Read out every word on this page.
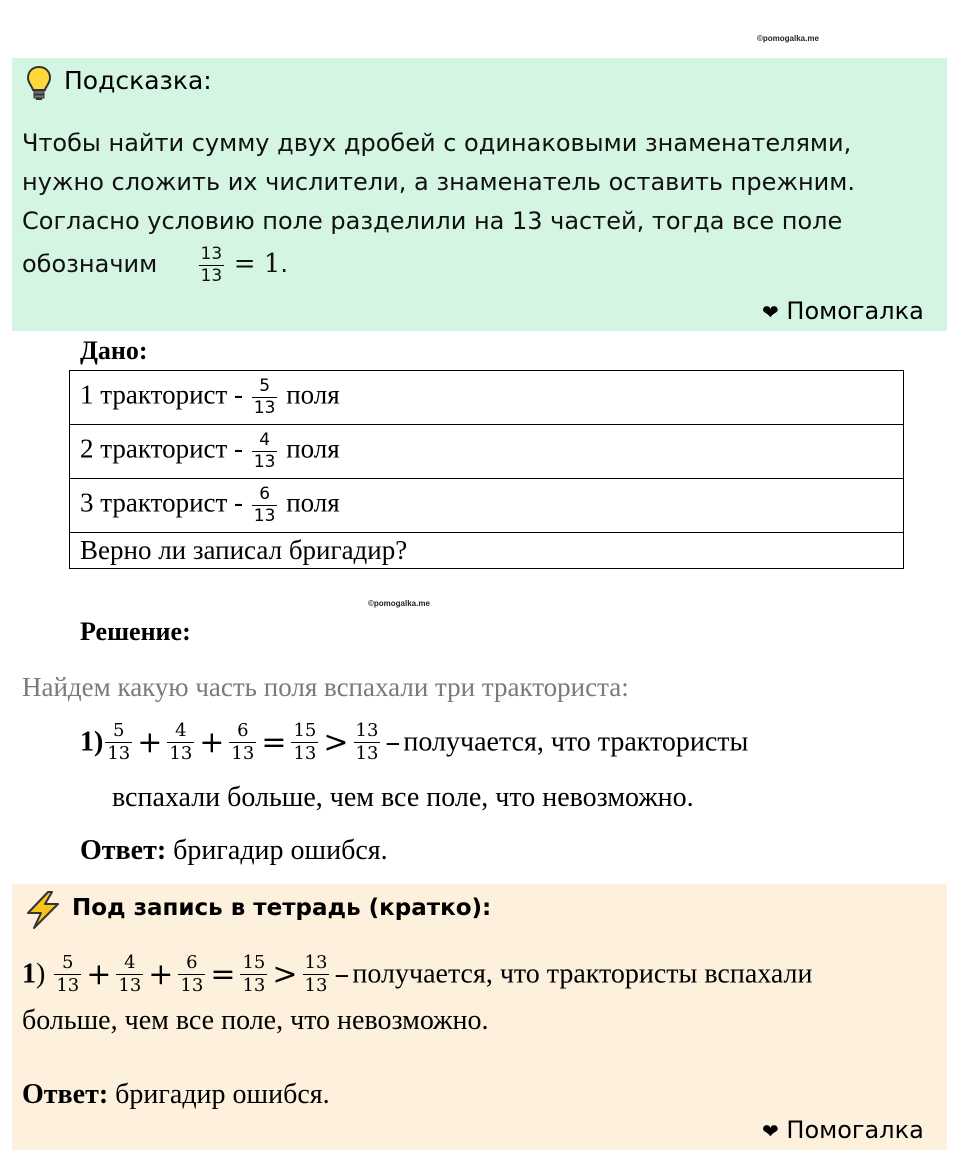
©pomogalka.me
Подсказка:
Чтобы найти сумму двух дробей с одинаковыми знаменателями,
нужно сложить их числители, а знаменатель оставить прежним.
Согласно условию поле разделили на 13 частей, тогда все поле
обозначим $\frac{13}{13} = 1$.
❤ Помогалка
Дано:
1 тракторист - $\frac{5}{13}$ поля
2 тракторист - $\frac{4}{13}$ поля
3 тракторист - $\frac{6}{13}$ поля
Верно ли записал бригадир?
©pomogalka.me
Решение:
Найдем какую часть поля вспахали три тракториста:
$1) \frac{5}{13} + \frac{4}{13} + \frac{6}{13} = \frac{15}{13} > \frac{13}{13}$ – получается, что трактористы
вспахали больше, чем все поле, что невозможно.
Ответ: бригадир ошибся.
Под запись в тетрадь (кратко):
$1) \frac{5}{13} + \frac{4}{13} + \frac{6}{13} = \frac{15}{13} > \frac{13}{13}$ – получается, что трактористы вспахали
больше, чем все поле, что невозможно.
Ответ: бригадир ошибся.
❤ Помогалка
